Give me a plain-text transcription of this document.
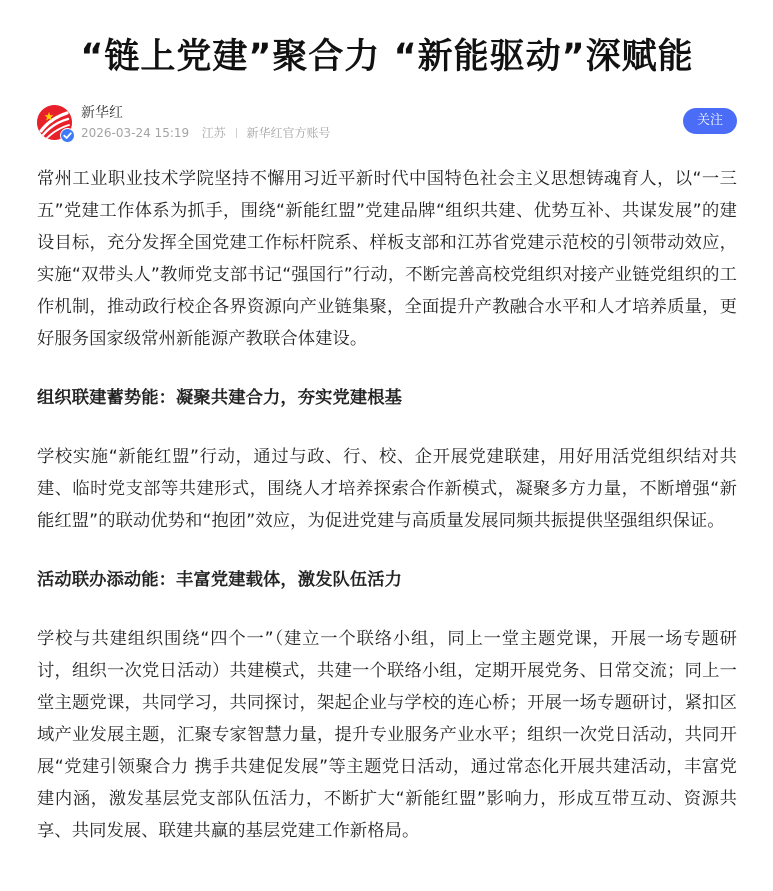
“链上党建”聚合力 “新能驱动”深赋能
新华红
2026-03-24 15:19 江苏 新华红官方账号
关注

常州工业职业技术学院坚持不懈用习近平新时代中国特色社会主义思想铸魂育人，以“一三五”党建工作体系为抓手，围绕“新能红盟”党建品牌“组织共建、优势互补、共谋发展”的建设目标，充分发挥全国党建工作标杆院系、样板支部和江苏省党建示范校的引领带动效应，实施“双带头人”教师党支部书记“强国行”行动，不断完善高校党组织对接产业链党组织的工作机制，推动政行校企各界资源向产业链集聚，全面提升产教融合水平和人才培养质量，更好服务国家级常州新能源产教联合体建设。

组织联建蓄势能：凝聚共建合力，夯实党建根基

学校实施“新能红盟”行动，通过与政、行、校、企开展党建联建，用好用活党组织结对共建、临时党支部等共建形式，围绕人才培养探索合作新模式，凝聚多方力量，不断增强“新能红盟”的联动优势和“抱团”效应，为促进党建与高质量发展同频共振提供坚强组织保证。

活动联办添动能：丰富党建载体，激发队伍活力

学校与共建组织围绕“四个一”（建立一个联络小组，同上一堂主题党课，开展一场专题研讨，组织一次党日活动）共建模式，共建一个联络小组，定期开展党务、日常交流；同上一堂主题党课，共同学习，共同探讨，架起企业与学校的连心桥；开展一场专题研讨，紧扣区域产业发展主题，汇聚专家智慧力量，提升专业服务产业水平；组织一次党日活动，共同开展“党建引领聚合力 携手共建促发展”等主题党日活动，通过常态化开展共建活动，丰富党建内涵，激发基层党支部队伍活力，不断扩大“新能红盟”影响力，形成互带互动、资源共享、共同发展、联建共赢的基层党建工作新格局。
